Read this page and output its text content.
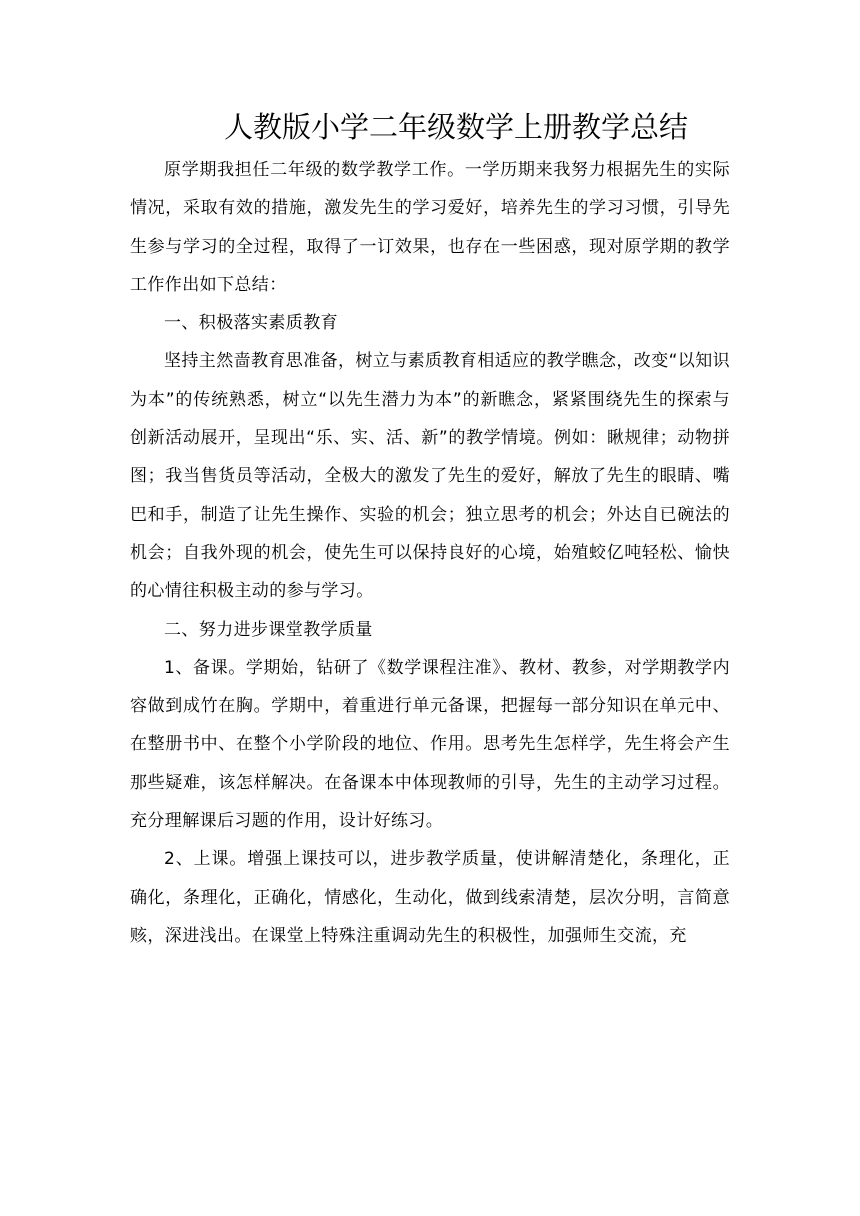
人教版小学二年级数学上册教学总结

原学期我担任二年级的数学教学工作。一学历期来我努力根据先生的实际情况，采取有效的措施，激发先生的学习爱好，培养先生的学习习惯，引导先生参与学习的全过程，取得了一订效果，也存在一些困惑，现对原学期的教学工作作出如下总结：

一、积极落实素质教育

坚持主然啬教育思准备，树立与素质教育相适应的教学瞧念，改变“以知识为本”的传统熟悉，树立“以先生潜力为本”的新瞧念，紧紧围绕先生的探索与创新活动展开，呈现出“乐、实、活、新”的教学情境。例如：瞅规律；动物拼图；我当售货员等活动，全极大的激发了先生的爱好，解放了先生的眼睛、嘴巴和手，制造了让先生操作、实验的机会；独立思考的机会；外达自已碗法的机会；自我外现的机会，使先生可以保持良好的心境，始殖蛟亿吨轻松、愉快的心情往积极主动的参与学习。

二、努力进步课堂教学质量

1、备课。学期始，钻研了《数学课程注准》、教材、教参，对学期教学内容做到成竹在胸。学期中，着重进行单元备课，把握每一部分知识在单元中、在整册书中、在整个小学阶段的地位、作用。思考先生怎样学，先生将会产生那些疑难，该怎样解决。在备课本中体现教师的引导，先生的主动学习过程。充分理解课后习题的作用，设计好练习。

2、上课。增强上课技可以，进步教学质量，使讲解清楚化，条理化，正确化，条理化，正确化，情感化，生动化，做到线索清楚，层次分明，言简意赅，深进浅出。在课堂上特殊注重调动先生的积极性，加强师生交流，充
